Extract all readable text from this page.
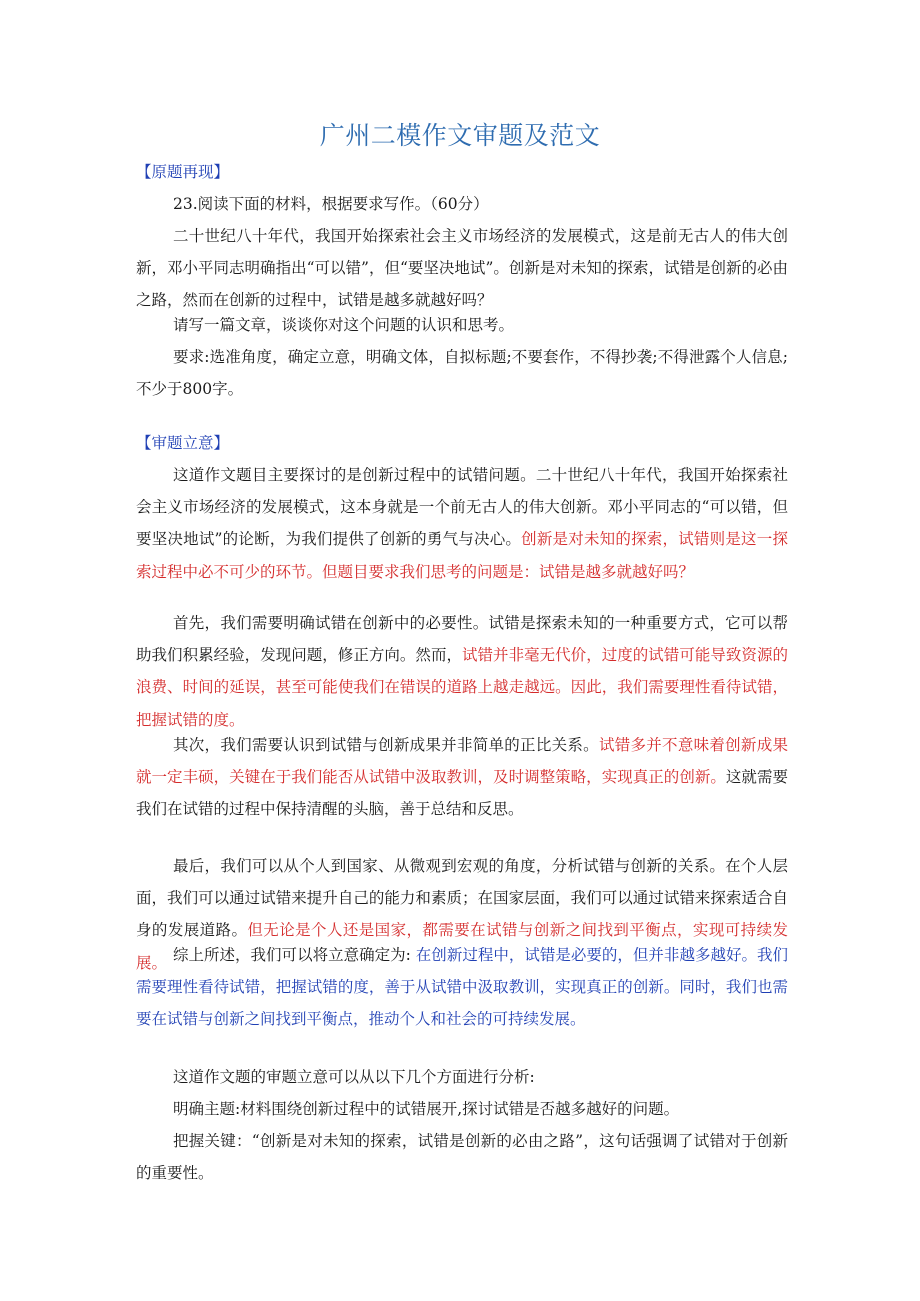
广州二模作文审题及范文

【原题再现】

23.阅读下面的材料，根据要求写作。（60分）

二十世纪八十年代，我国开始探索社会主义市场经济的发展模式，这是前无古人的伟大创新，邓小平同志明确指出“可以错”，但“要坚决地试”。创新是对未知的探索，试错是创新的必由之路，然而在创新的过程中，试错是越多就越好吗？

请写一篇文章，谈谈你对这个问题的认识和思考。

要求:选准角度，确定立意，明确文体，自拟标题;不要套作，不得抄袭;不得泄露个人信息;不少于800字。

【审题立意】

这道作文题目主要探讨的是创新过程中的试错问题。二十世纪八十年代，我国开始探索社会主义市场经济的发展模式，这本身就是一个前无古人的伟大创新。邓小平同志的“可以错，但要坚决地试”的论断，为我们提供了创新的勇气与决心。创新是对未知的探索，试错则是这一探索过程中必不可少的环节。但题目要求我们思考的问题是：试错是越多就越好吗？

首先，我们需要明确试错在创新中的必要性。试错是探索未知的一种重要方式，它可以帮助我们积累经验，发现问题，修正方向。然而，试错并非毫无代价，过度的试错可能导致资源的浪费、时间的延误，甚至可能使我们在错误的道路上越走越远。因此，我们需要理性看待试错，把握试错的度。

其次，我们需要认识到试错与创新成果并非简单的正比关系。试错多并不意味着创新成果就一定丰硕，关键在于我们能否从试错中汲取教训，及时调整策略，实现真正的创新。这就需要我们在试错的过程中保持清醒的头脑，善于总结和反思。

最后，我们可以从个人到国家、从微观到宏观的角度，分析试错与创新的关系。在个人层面，我们可以通过试错来提升自己的能力和素质；在国家层面，我们可以通过试错来探索适合自身的发展道路。但无论是个人还是国家，都需要在试错与创新之间找到平衡点，实现可持续发展。 综上所述，我们可以将立意确定为: 在创新过程中，试错是必要的，但并非越多越好。我们需要理性看待试错，把握试错的度，善于从试错中汲取教训，实现真正的创新。同时，我们也需要在试错与创新之间找到平衡点，推动个人和社会的可持续发展。

这道作文题的审题立意可以从以下几个方面进行分析:

明确主题:材料围绕创新过程中的试错展开,探讨试错是否越多越好的问题。

把握关键：“创新是对未知的探索，试错是创新的必由之路”，这句话强调了试错对于创新的重要性。
